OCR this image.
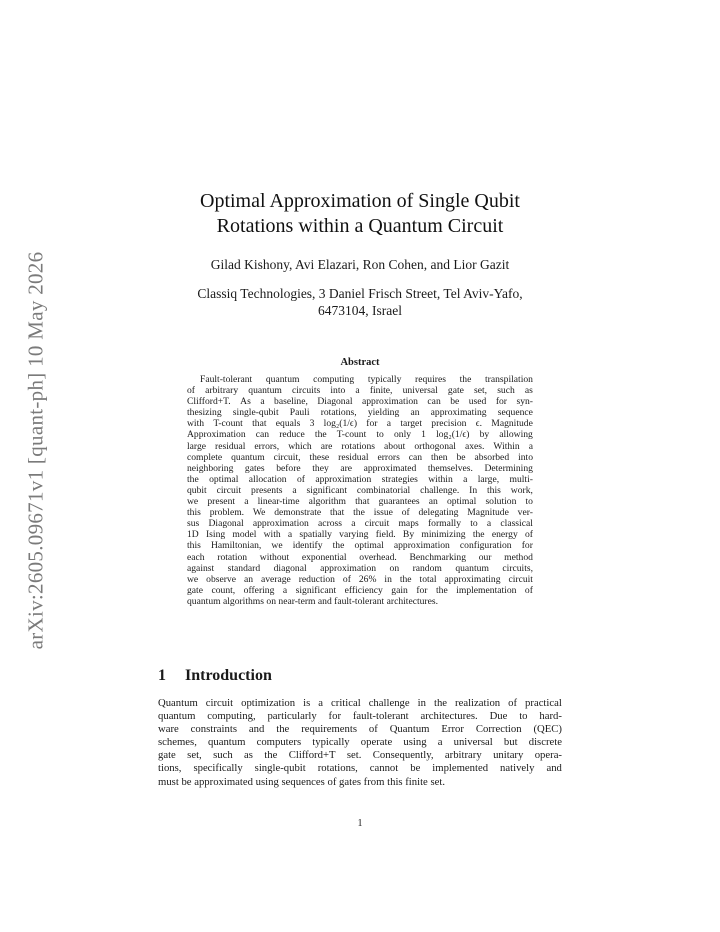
arXiv:2605.09671v1 [quant-ph] 10 May 2026
Optimal Approximation of Single Qubit
Rotations within a Quantum Circuit
Gilad Kishony, Avi Elazari, Ron Cohen, and Lior Gazit
Classiq Technologies, 3 Daniel Frisch Street, Tel Aviv-Yafo,
6473104, Israel
Abstract
Fault-tolerant quantum computing typically requires the transpilation
of arbitrary quantum circuits into a finite, universal gate set, such as
Clifford+T. As a baseline, Diagonal approximation can be used for syn-
thesizing single-qubit Pauli rotations, yielding an approximating sequence
with T-count that equals 3 log₂(1/ϵ) for a target precision ϵ. Magnitude
Approximation can reduce the T-count to only 1 log₂(1/ϵ) by allowing
large residual errors, which are rotations about orthogonal axes. Within a
complete quantum circuit, these residual errors can then be absorbed into
neighboring gates before they are approximated themselves. Determining
the optimal allocation of approximation strategies within a large, multi-
qubit circuit presents a significant combinatorial challenge. In this work,
we present a linear-time algorithm that guarantees an optimal solution to
this problem. We demonstrate that the issue of delegating Magnitude ver-
sus Diagonal approximation across a circuit maps formally to a classical
1D Ising model with a spatially varying field. By minimizing the energy of
this Hamiltonian, we identify the optimal approximation configuration for
each rotation without exponential overhead. Benchmarking our method
against standard diagonal approximation on random quantum circuits,
we observe an average reduction of 26% in the total approximating circuit
gate count, offering a significant efficiency gain for the implementation of
quantum algorithms on near-term and fault-tolerant architectures.
1 Introduction
Quantum circuit optimization is a critical challenge in the realization of practical
quantum computing, particularly for fault-tolerant architectures. Due to hard-
ware constraints and the requirements of Quantum Error Correction (QEC)
schemes, quantum computers typically operate using a universal but discrete
gate set, such as the Clifford+T set. Consequently, arbitrary unitary opera-
tions, specifically single-qubit rotations, cannot be implemented natively and
must be approximated using sequences of gates from this finite set.
1
